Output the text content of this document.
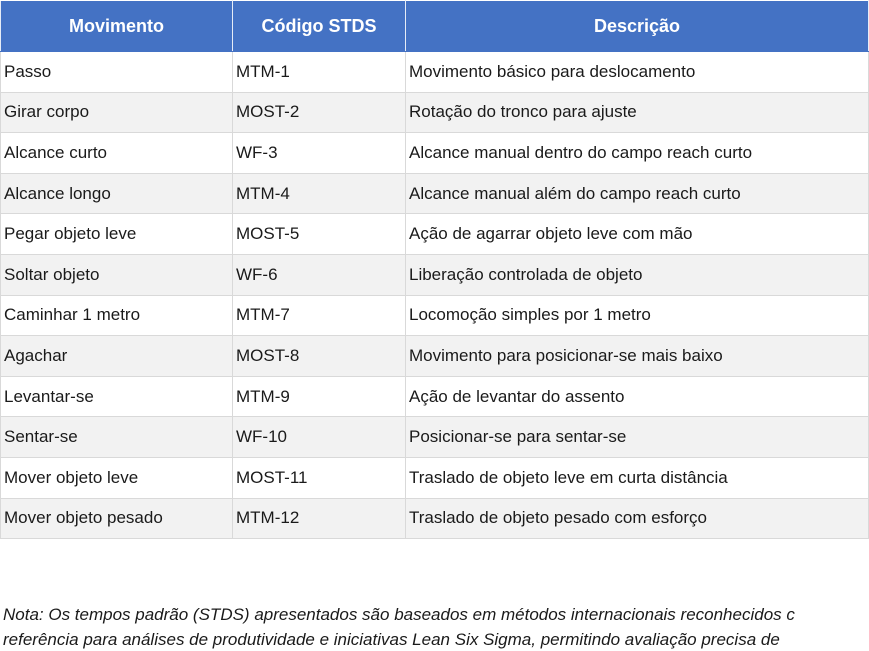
Movimento	Código STDS	Descrição
Passo	MTM-1	Movimento básico para deslocamento
Girar corpo	MOST-2	Rotação do tronco para ajuste
Alcance curto	WF-3	Alcance manual dentro do campo reach curto
Alcance longo	MTM-4	Alcance manual além do campo reach curto
Pegar objeto leve	MOST-5	Ação de agarrar objeto leve com mão
Soltar objeto	WF-6	Liberação controlada de objeto
Caminhar 1 metro	MTM-7	Locomoção simples por 1 metro
Agachar	MOST-8	Movimento para posicionar-se mais baixo
Levantar-se	MTM-9	Ação de levantar do assento
Sentar-se	WF-10	Posicionar-se para sentar-se
Mover objeto leve	MOST-11	Traslado de objeto leve em curta distância
Mover objeto pesado	MTM-12	Traslado de objeto pesado com esforço
Nota: Os tempos padrão (STDS) apresentados são baseados em métodos internacionais reconhecidos c
referência para análises de produtividade e iniciativas Lean Six Sigma, permitindo avaliação precisa de
